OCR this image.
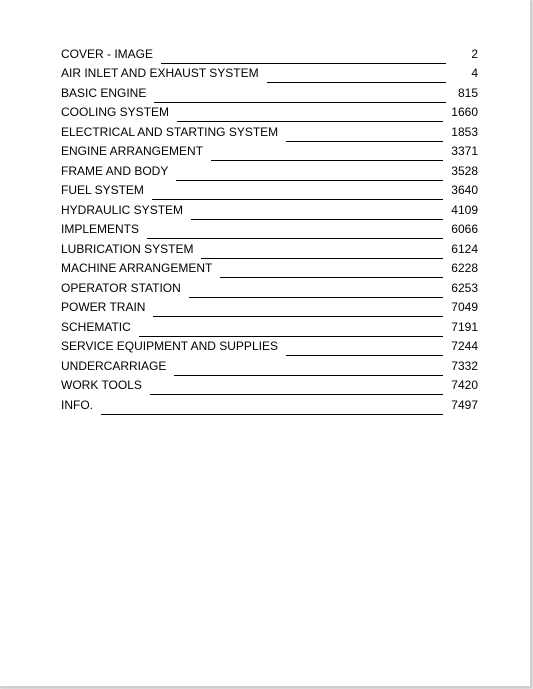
COVER - IMAGE	2
AIR INLET AND EXHAUST SYSTEM	4
BASIC ENGINE	815
COOLING SYSTEM	1660
ELECTRICAL AND STARTING SYSTEM	1853
ENGINE ARRANGEMENT	3371
FRAME AND BODY	3528
FUEL SYSTEM	3640
HYDRAULIC SYSTEM	4109
IMPLEMENTS	6066
LUBRICATION SYSTEM	6124
MACHINE ARRANGEMENT	6228
OPERATOR STATION	6253
POWER TRAIN	7049
SCHEMATIC	7191
SERVICE EQUIPMENT AND SUPPLIES	7244
UNDERCARRIAGE	7332
WORK TOOLS	7420
INFO.	7497
